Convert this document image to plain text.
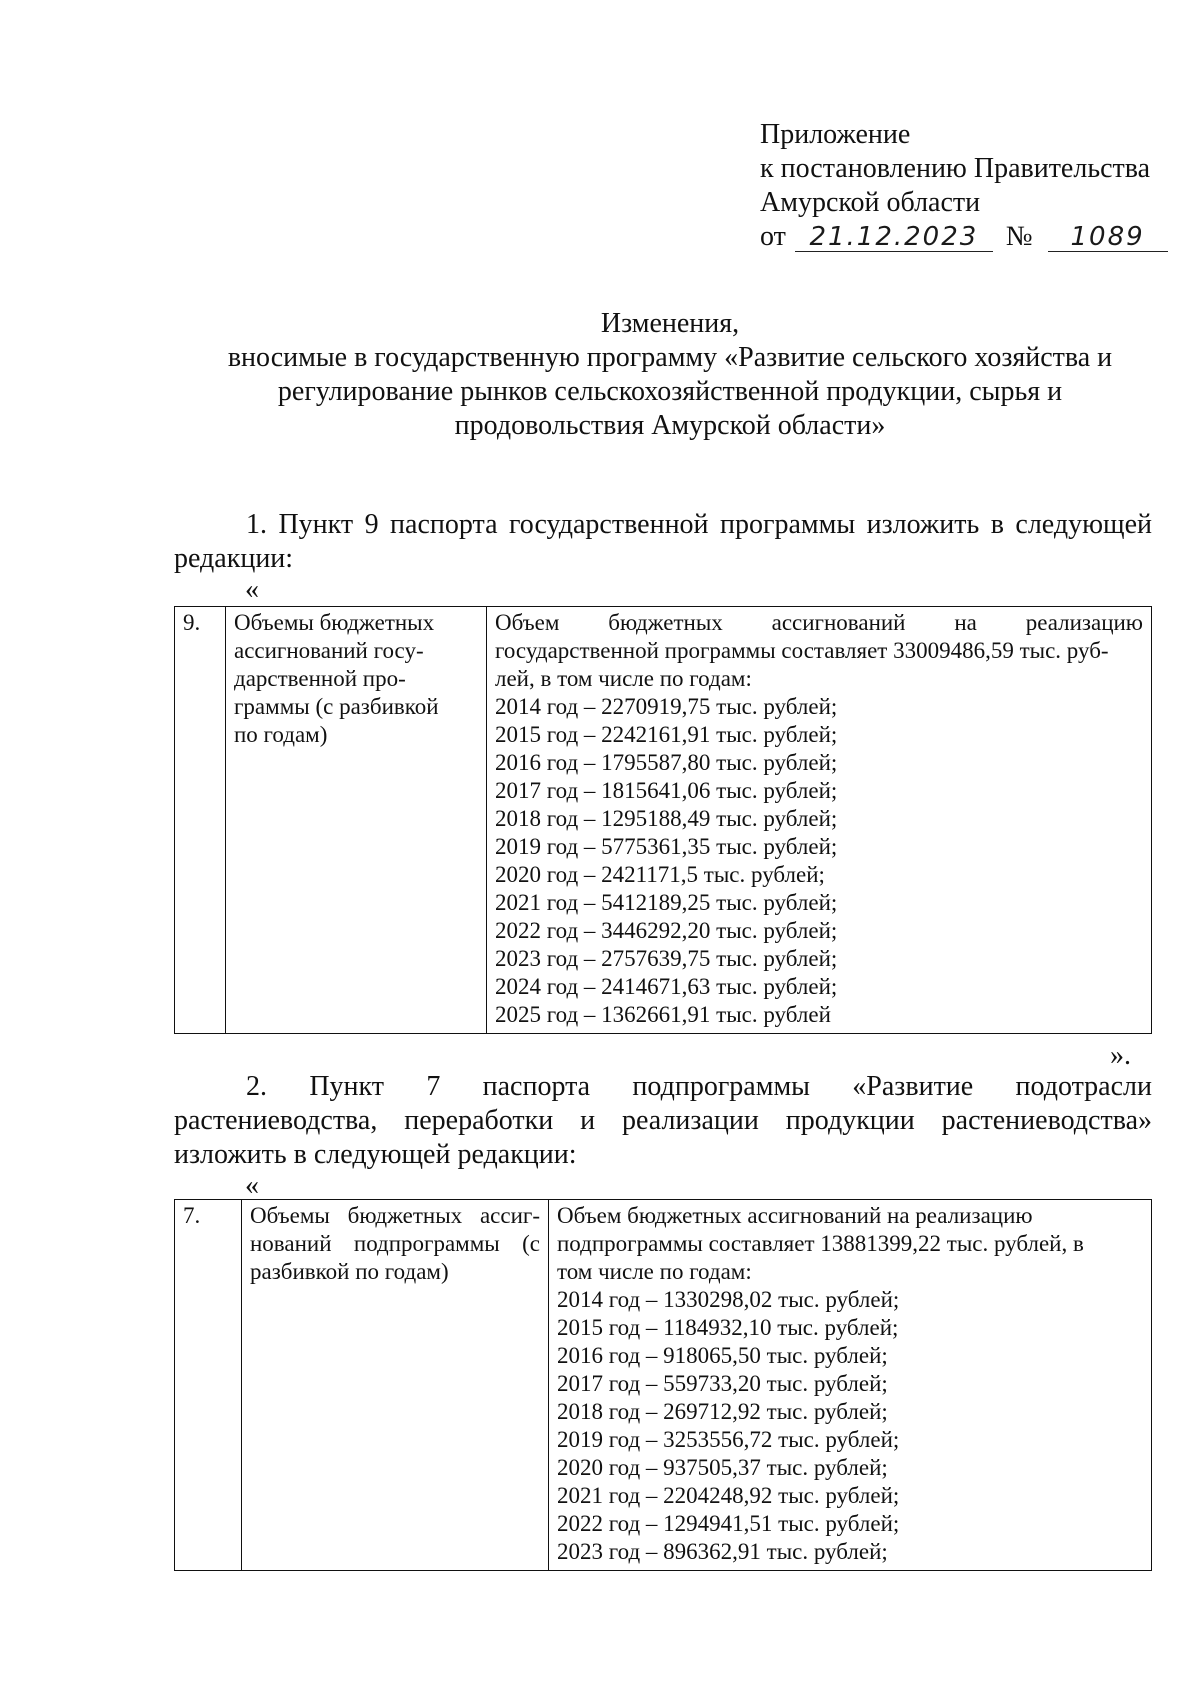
Приложение
к постановлению Правительства
Амурской области
от 21.12.2023 № 1089
Изменения,
вносимые в государственную программу «Развитие сельского хозяйства и
регулирование рынков сельскохозяйственной продукции, сырья и
продовольствия Амурской области»
1. Пункт 9 паспорта государственной программы изложить в следующей
редакции:
«
9.	Объемы бюджетных
ассигнований госу-
дарственной про-
граммы (с разбивкой
по годам)

Объем бюджетных ассигнований на реализацию
государственной программы составляет 33009486,59 тыс. руб-
лей, в том числе по годам:
2014 год – 2270919,75 тыс. рублей;
2015 год – 2242161,91 тыс. рублей;
2016 год – 1795587,80 тыс. рублей;
2017 год – 1815641,06 тыс. рублей;
2018 год – 1295188,49 тыс. рублей;
2019 год – 5775361,35 тыс. рублей;
2020 год – 2421171,5 тыс. рублей;
2021 год – 5412189,25 тыс. рублей;
2022 год – 3446292,20 тыс. рублей;
2023 год – 2757639,75 тыс. рублей;
2024 год – 2414671,63 тыс. рублей;
2025 год – 1362661,91 тыс. рублей
».
2. Пункт 7 паспорта подпрограммы «Развитие подотрасли
растениеводства, переработки и реализации продукции растениеводства»
изложить в следующей редакции:
«
7.	Объемы бюджетных ассиг-
нований подпрограммы (с
разбивкой по годам)

Объем бюджетных ассигнований на реализацию
подпрограммы составляет 13881399,22 тыс. рублей, в
том числе по годам:
2014 год – 1330298,02 тыс. рублей;
2015 год – 1184932,10 тыс. рублей;
2016 год – 918065,50 тыс. рублей;
2017 год – 559733,20 тыс. рублей;
2018 год – 269712,92 тыс. рублей;
2019 год – 3253556,72 тыс. рублей;
2020 год – 937505,37 тыс. рублей;
2021 год – 2204248,92 тыс. рублей;
2022 год – 1294941,51 тыс. рублей;
2023 год – 896362,91 тыс. рублей;
